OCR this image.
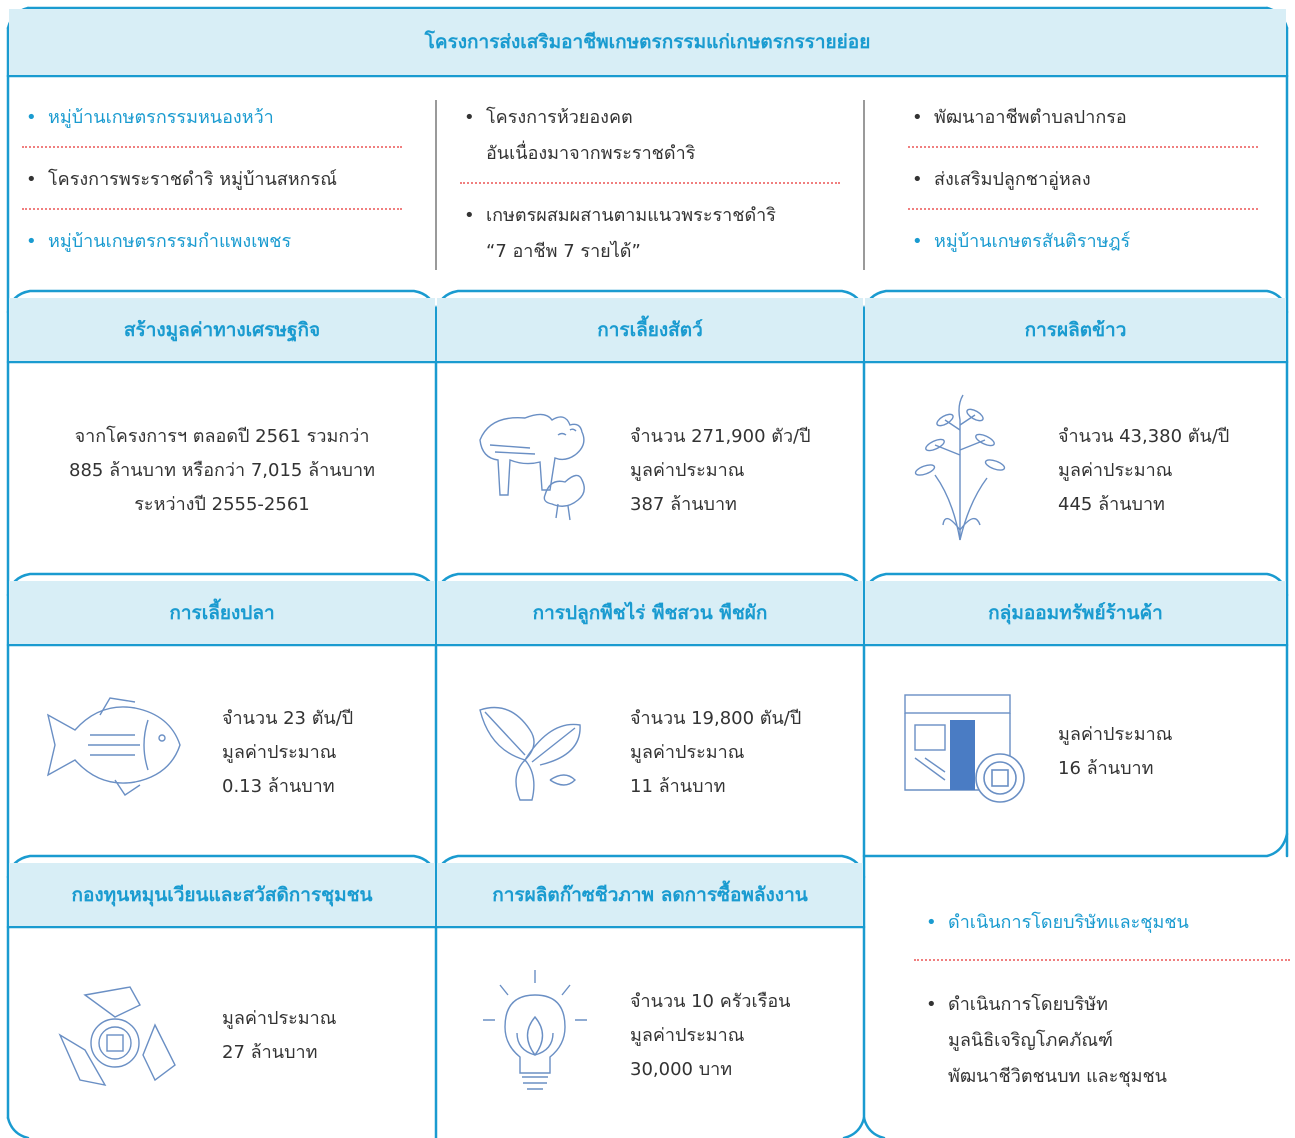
โครงการส่งเสริมอาชีพเกษตรกรรมแก่เกษตรกรรายย่อย
• หมู่บ้านเกษตรกรรมหนองหว้า
• โครงการพระราชดำริ หมู่บ้านสหกรณ์
• หมู่บ้านเกษตรกรรมกำแพงเพชร
• โครงการห้วยองคต
อันเนื่องมาจากพระราชดำริ
• เกษตรผสมผสานตามแนวพระราชดำริ
“7 อาชีพ 7 รายได้”
• พัฒนาอาชีพตำบลปากรอ
• ส่งเสริมปลูกชาอู่หลง
• หมู่บ้านเกษตรสันติราษฎร์
สร้างมูลค่าทางเศรษฐกิจ	การเลี้ยงสัตว์	การผลิตข้าว
จากโครงการฯ ตลอดปี 2561 รวมกว่า
885 ล้านบาท หรือกว่า 7,015 ล้านบาท
ระหว่างปี 2555-2561
จำนวน 271,900 ตัว/ปี
มูลค่าประมาณ
387 ล้านบาท
จำนวน 43,380 ตัน/ปี
มูลค่าประมาณ
445 ล้านบาท
การเลี้ยงปลา	การปลูกพืชไร่ พืชสวน พืชผัก	กลุ่มออมทรัพย์ร้านค้า
จำนวน 23 ตัน/ปี
มูลค่าประมาณ
0.13 ล้านบาท
จำนวน 19,800 ตัน/ปี
มูลค่าประมาณ
11 ล้านบาท
มูลค่าประมาณ
16 ล้านบาท
กองทุนหมุนเวียนและสวัสดิการชุมชน	การผลิตก๊าซชีวภาพ ลดการซื้อพลังงาน
มูลค่าประมาณ
27 ล้านบาท
จำนวน 10 ครัวเรือน
มูลค่าประมาณ
30,000 บาท
• ดำเนินการโดยบริษัทและชุมชน
• ดำเนินการโดยบริษัท
มูลนิธิเจริญโภคภัณฑ์
พัฒนาชีวิตชนบท และชุมชน
